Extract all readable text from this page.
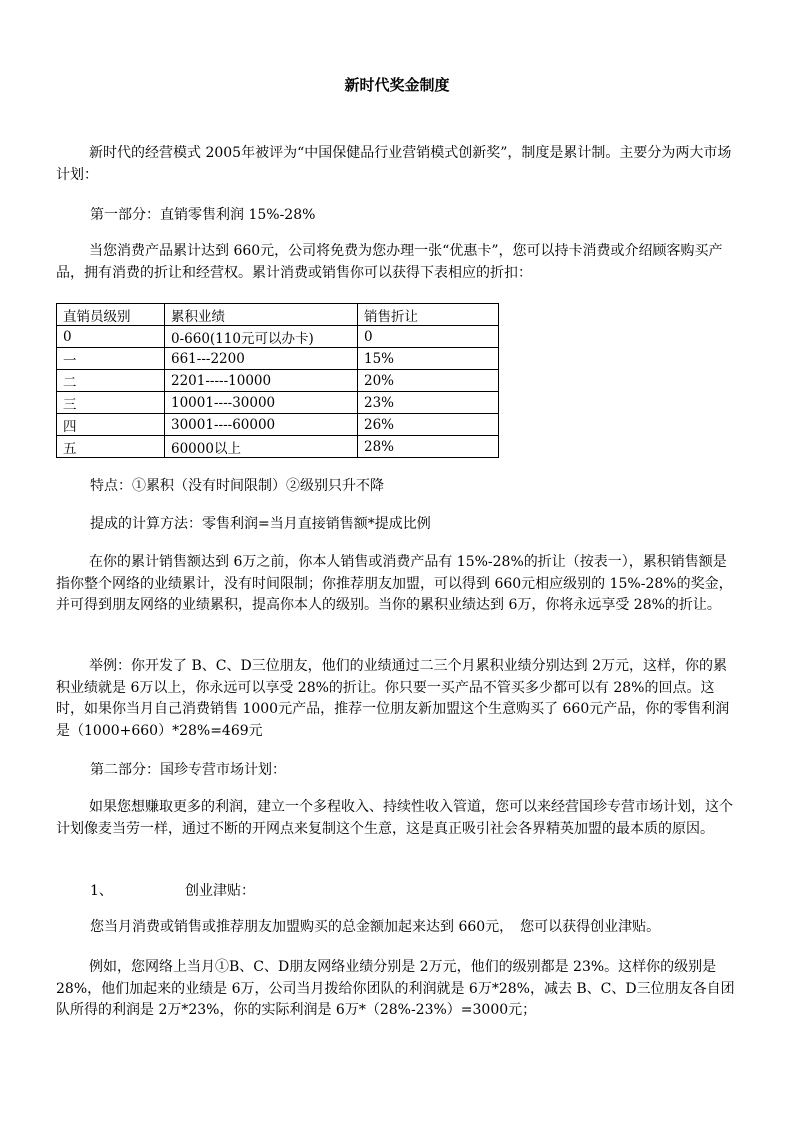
新时代奖金制度

新时代的经营模式 2005年被评为“中国保健品行业营销模式创新奖”，制度是累计制。主要分为两大市场计划：

第一部分：直销零售利润 15%-28%

当您消费产品累计达到 660元，公司将免费为您办理一张“优惠卡”，您可以持卡消费或介绍顾客购买产品，拥有消费的折让和经营权。累计消费或销售你可以获得下表相应的折扣：

直销员级别	累积业绩	销售折让
0	0-660(110元可以办卡)	0
一	661---2200	15%
二	2201-----10000	20%
三	10001----30000	23%
四	30001----60000	26%
五	60000以上	28%
特点：①累积（没有时间限制）②级别只升不降
提成的计算方法：零售利润=当月直接销售额*提成比例

在你的累计销售额达到 6万之前，你本人销售或消费产品有 15%-28%的折让（按表一），累积销售额是指你整个网络的业绩累计，没有时间限制；你推荐朋友加盟，可以得到 660元相应级别的 15%-28%的奖金，并可得到朋友网络的业绩累积，提高你本人的级别。当你的累积业绩达到 6万，你将永远享受 28%的折让。

举例：你开发了 B、C、D三位朋友，他们的业绩通过二三个月累积业绩分别达到 2万元，这样，你的累积业绩就是 6万以上，你永远可以享受 28%的折让。你只要一买产品不管买多少都可以有 28%的回点。这时，如果你当月自己消费销售 1000元产品，推荐一位朋友新加盟这个生意购买了 660元产品，你的零售利润是（1000+660）*28%=469元

第二部分：国珍专营市场计划：

如果您想赚取更多的利润，建立一个多程收入、持续性收入管道，您可以来经营国珍专营市场计划，这个计划像麦当劳一样，通过不断的开网点来复制这个生意，这是真正吸引社会各界精英加盟的最本质的原因。

1、	创业津贴：
您当月消费或销售或推荐朋友加盟购买的总金额加起来达到 660元，　您可以获得创业津贴。

例如，您网络上当月①B、C、D朋友网络业绩分别是 2万元，他们的级别都是 23%。这样你的级别是 28%，他们加起来的业绩是 6万，公司当月拨给你团队的利润就是 6万*28%，减去 B、C、D三位朋友各自团队所得的利润是 2万*23%，你的实际利润是 6万*（28%-23%）=3000元；
